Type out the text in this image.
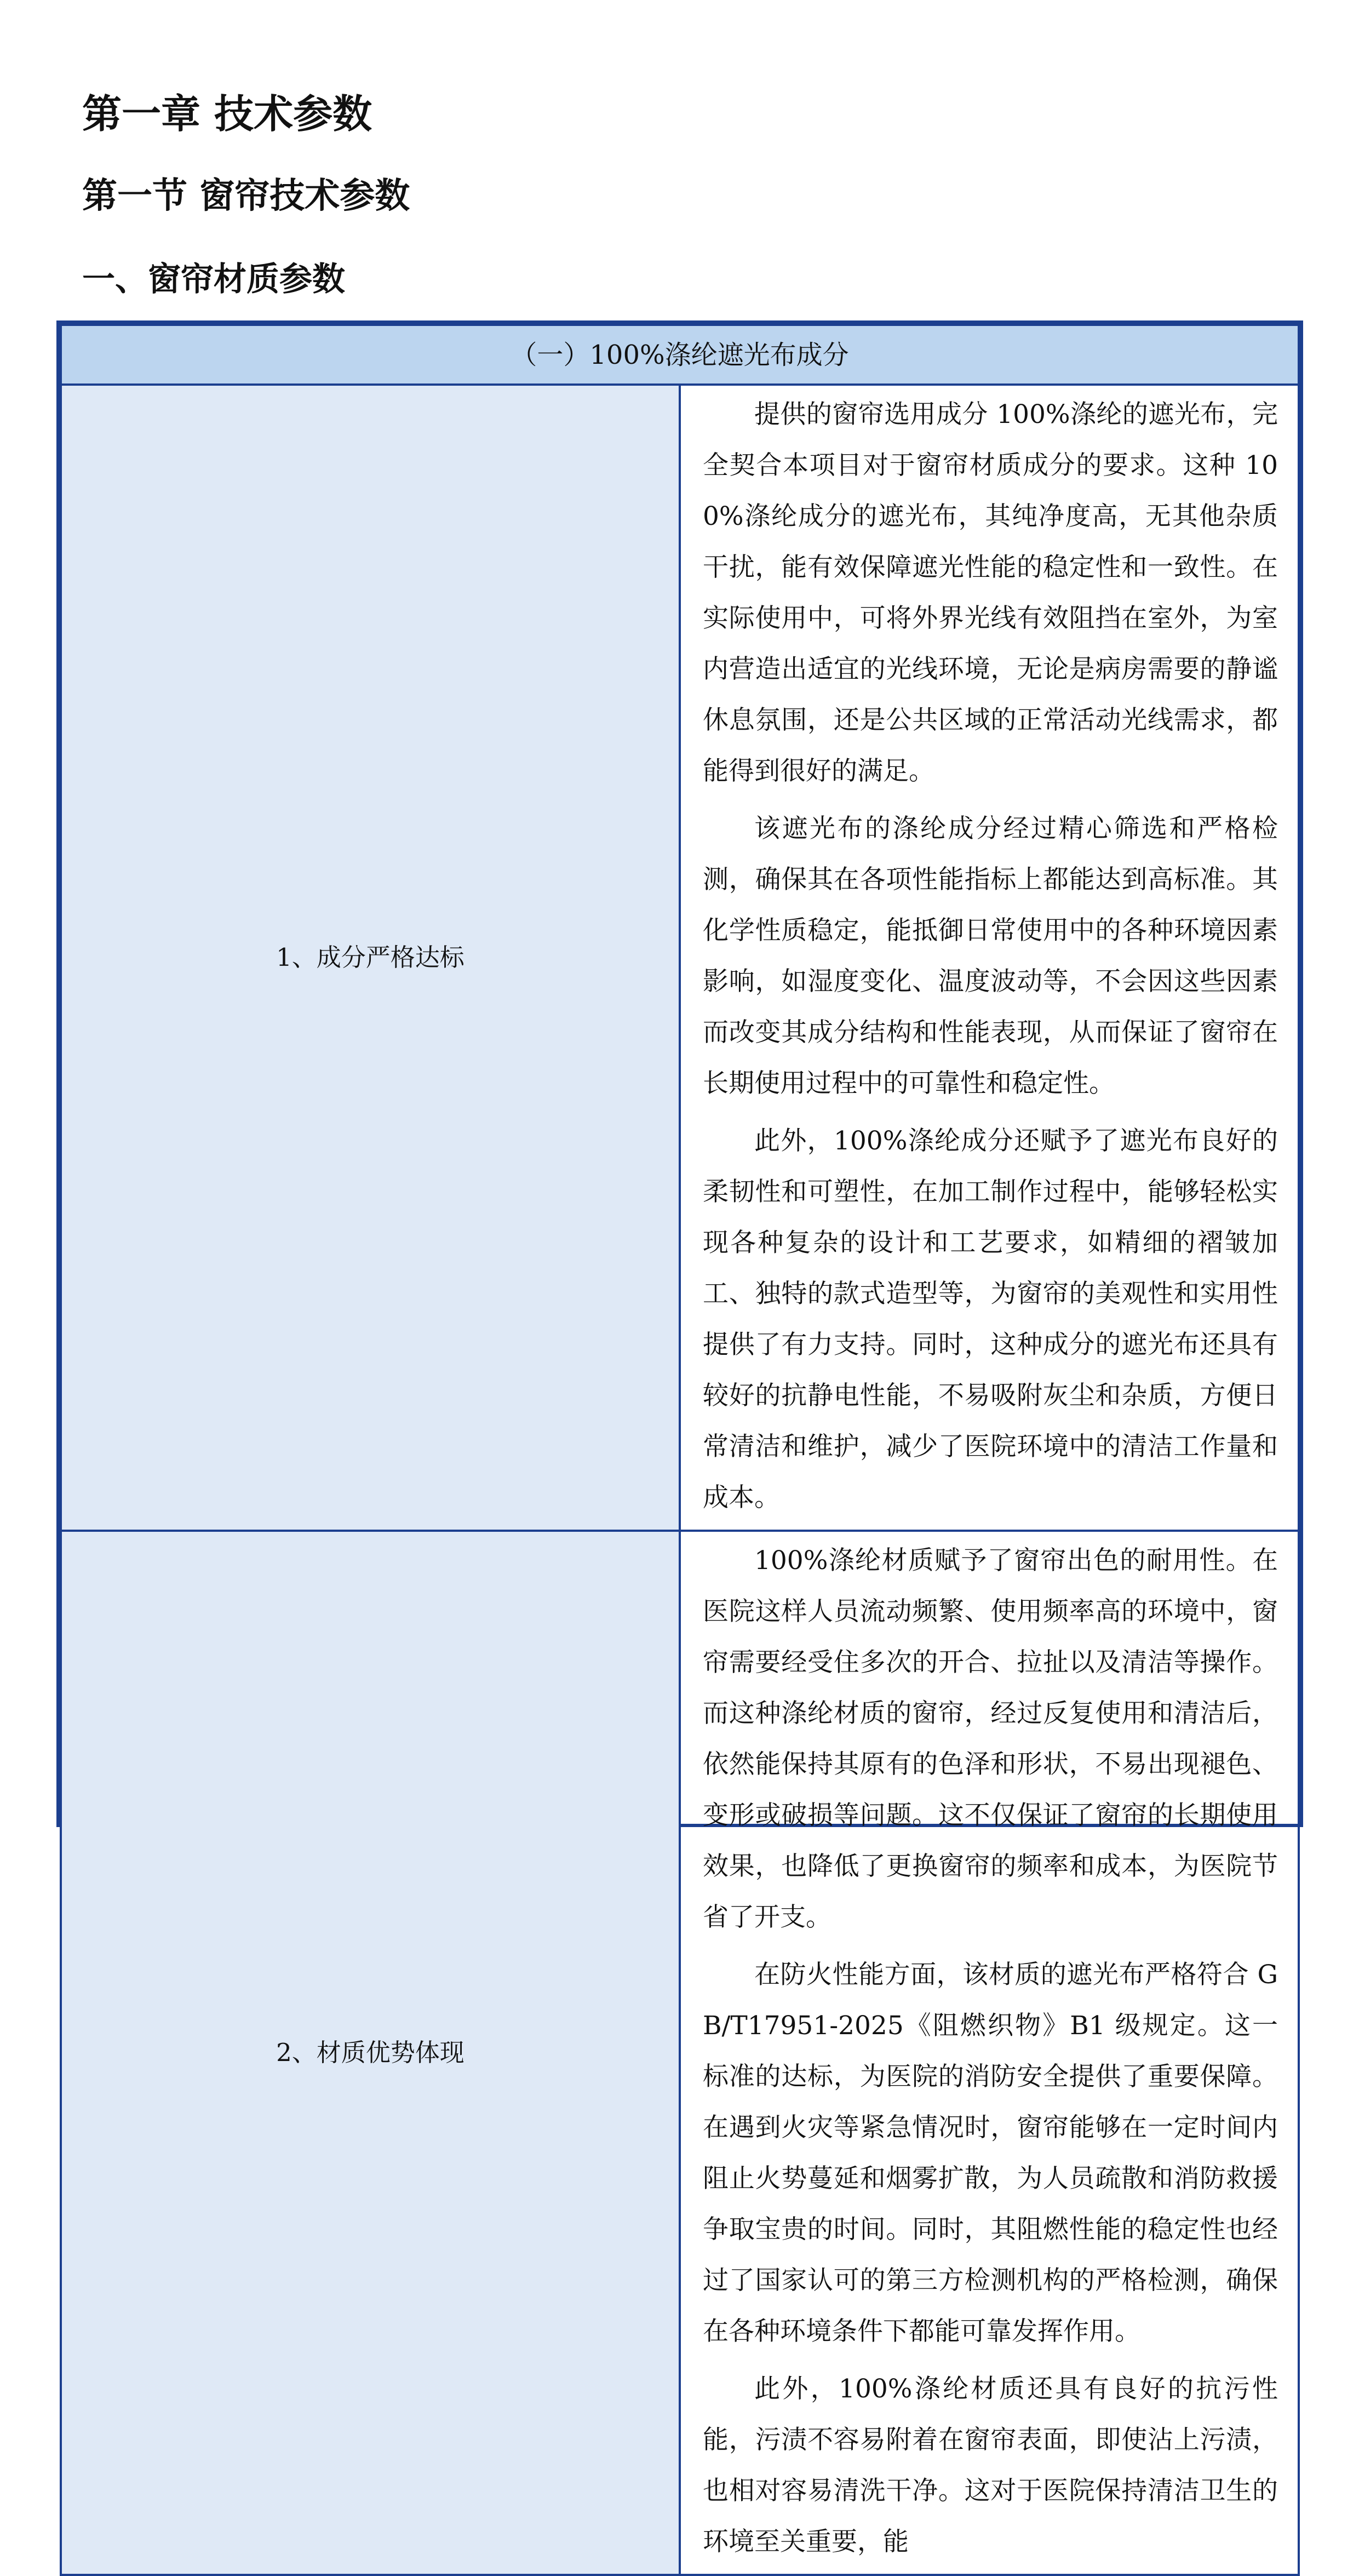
第一章 技术参数
第一节 窗帘技术参数
一、窗帘材质参数
（一）100%涤纶遮光布成分	
1、成分严格达标	提供的窗帘选用成分 100%涤纶的遮光布，完全契合本项目对于窗帘材质成分的要求。这种 100%涤纶成分的遮光布，其纯净度高，无其他杂质干扰，能有效保障遮光性能的稳定性和一致性。在实际使用中，可将外界光线有效阻挡在室外，为室内营造出适宜的光线环境，无论是病房需要的静谧休息氛围，还是公共区域的正常活动光线需求，都能得到很好的满足。

该遮光布的涤纶成分经过精心筛选和严格检测，确保其在各项性能指标上都能达到高标准。其化学性质稳定，能抵御日常使用中的各种环境因素影响，如湿度变化、温度波动等，不会因这些因素而改变其成分结构和性能表现，从而保证了窗帘在长期使用过程中的可靠性和稳定性。

此外，100%涤纶成分还赋予了遮光布良好的柔韧性和可塑性，在加工制作过程中，能够轻松实现各种复杂的设计和工艺要求，如精细的褶皱加工、独特的款式造型等，为窗帘的美观性和实用性提供了有力支持。同时，这种成分的遮光布还具有较好的抗静电性能，不易吸附灰尘和杂质，方便日常清洁和维护，减少了医院环境中的清洁工作量和成本。

2、材质优势体现	100%涤纶材质赋予了窗帘出色的耐用性。在医院这样人员流动频繁、使用频率高的环境中，窗帘需要经受住多次的开合、拉扯以及清洁等操作。而这种涤纶材质的窗帘，经过反复使用和清洁后，依然能保持其原有的色泽和形状，不易出现褪色、变形或破损等问题。这不仅保证了窗帘的长期使用效果，也降低了更换窗帘的频率和成本，为医院节省了开支。

在防火性能方面，该材质的遮光布严格符合 GB/T17951-2025《阻燃织物》B1 级规定。这一标准的达标，为医院的消防安全提供了重要保障。在遇到火灾等紧急情况时，窗帘能够在一定时间内阻止火势蔓延和烟雾扩散，为人员疏散和消防救援争取宝贵的时间。同时，其阻燃性能的稳定性也经过了国家认可的第三方检测机构的严格检测，确保在各种环境条件下都能可靠发挥作用。

此外，100%涤纶材质还具有良好的抗污性能，污渍不容易附着在窗帘表面，即使沾上污渍，也相对容易清洗干净。这对于医院保持清洁卫生的环境至关重要，能
